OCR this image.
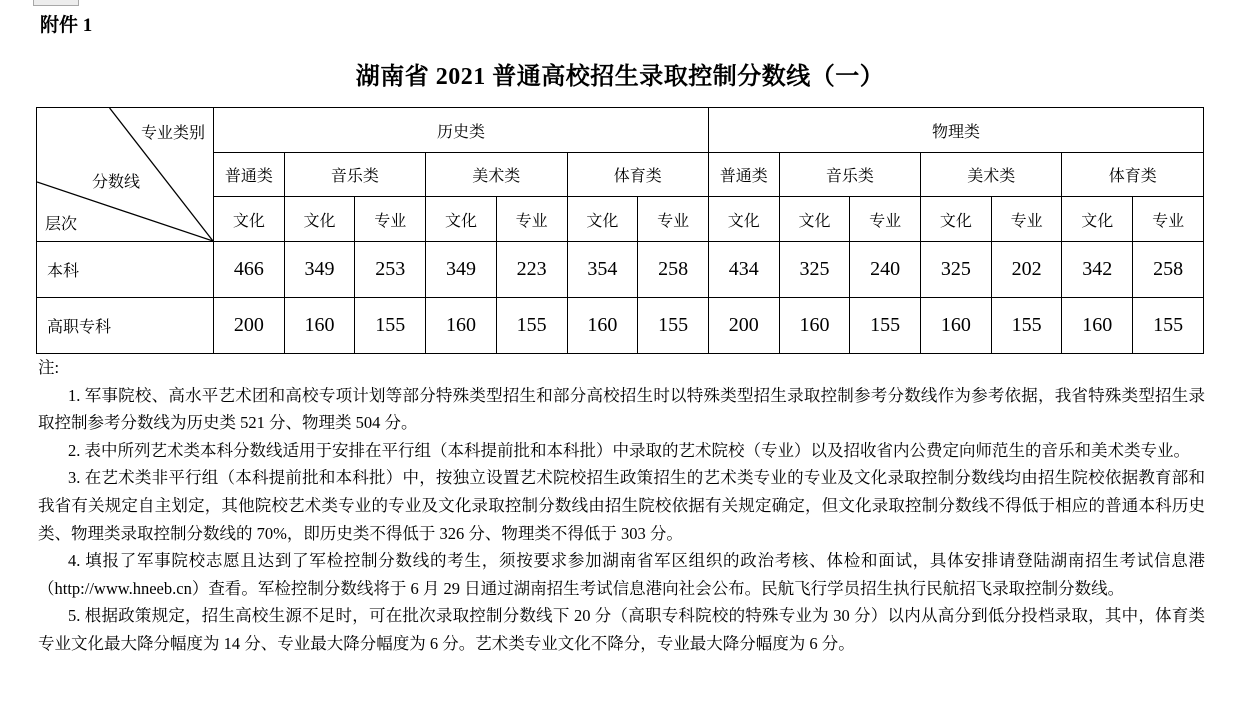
附件 1
湖南省 2021 普通高校招生录取控制分数线（一）
专业类别
分数线
层次	历史类							物理类						
	普通类	音乐类		美术类		体育类		普通类	音乐类		美术类		体育类	
	文化	文化	专业	文化	专业	文化	专业	文化	文化	专业	文化	专业	文化	专业
本科	466	349	253	349	223	354	258	434	325	240	325	202	342	258
高职专科	200	160	155	160	155	160	155	200	160	155	160	155	160	155

注:

1. 军事院校、高水平艺术团和高校专项计划等部分特殊类型招生和部分高校招生时以特殊类型招生录取控制参考分数线作为参考依据，我省特殊类型招生录取控制参考分数线为历史类 521 分、物理类 504 分。

2. 表中所列艺术类本科分数线适用于安排在平行组（本科提前批和本科批）中录取的艺术院校（专业）以及招收省内公费定向师范生的音乐和美术类专业。

3. 在艺术类非平行组（本科提前批和本科批）中，按独立设置艺术院校招生政策招生的艺术类专业的专业及文化录取控制分数线均由招生院校依据教育部和我省有关规定自主划定，其他院校艺术类专业的专业及文化录取控制分数线由招生院校依据有关规定确定，但文化录取控制分数线不得低于相应的普通本科历史类、物理类录取控制分数线的 70%，即历史类不得低于 326 分、物理类不得低于 303 分。

4. 填报了军事院校志愿且达到了军检控制分数线的考生，须按要求参加湖南省军区组织的政治考核、体检和面试，具体安排请登陆湖南招生考试信息港（http://www.hneeb.cn）查看。军检控制分数线将于 6 月 29 日通过湖南招生考试信息港向社会公布。民航飞行学员招生执行民航招飞录取控制分数线。

5. 根据政策规定，招生高校生源不足时，可在批次录取控制分数线下 20 分（高职专科院校的特殊专业为 30 分）以内从高分到低分投档录取，其中，体育类专业文化最大降分幅度为 14 分、专业最大降分幅度为 6 分。艺术类专业文化不降分，专业最大降分幅度为 6 分。
